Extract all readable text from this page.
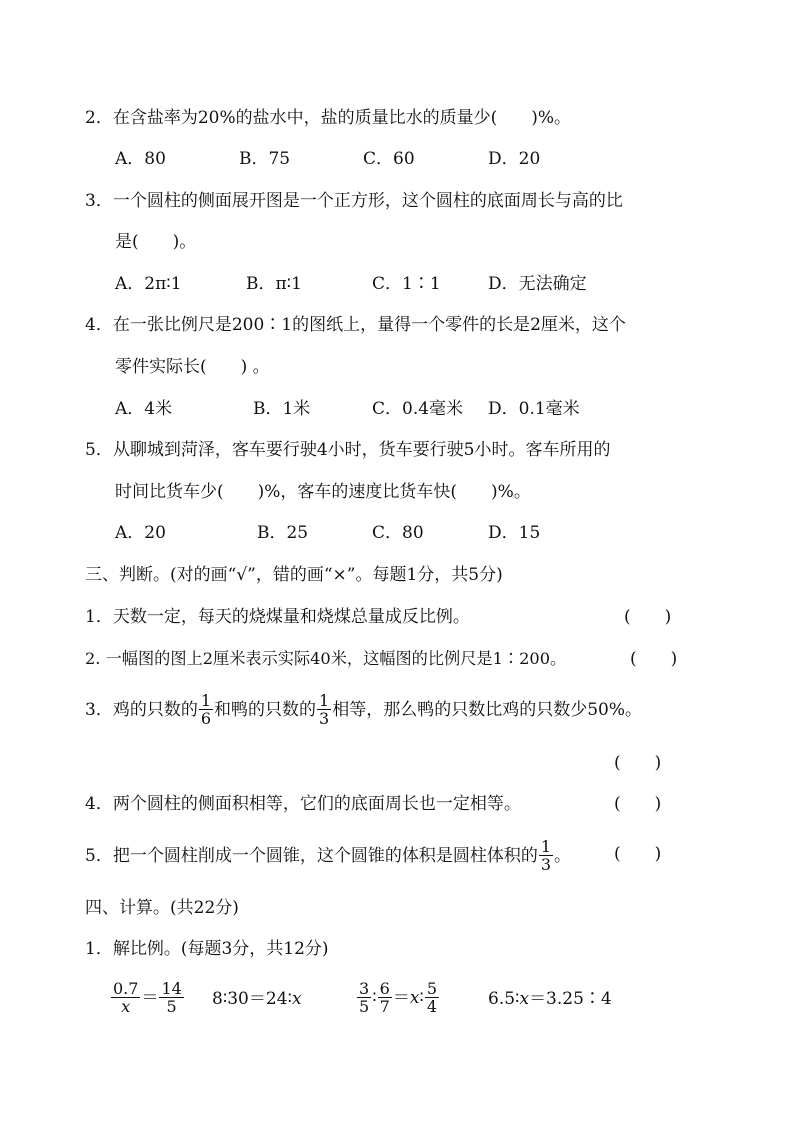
2．在含盐率为20%的盐水中，盐的质量比水的质量少(　　)%。
A．80	B．75	C．60	D．20
3．一个圆柱的侧面展开图是一个正方形，这个圆柱的底面周长与高的比
是(　　)。
A．2π∶1	B．π∶1	C．1∶1	D．无法确定
4．在一张比例尺是200∶1的图纸上，量得一个零件的长是2厘米，这个
零件实际长(　　) 。
A．4米	B．1米	C．0.4毫米 D．0.1毫米
5．从聊城到菏泽，客车要行驶4小时，货车要行驶5小时。客车所用的
时间比货车少(　　)%，客车的速度比货车快(　　)%。
A．20	B．25	C．80	D．15
三、判断。(对的画“√”，错的画“×”。每题1分，共5分)
1．天数一定，每天的烧煤量和烧煤总量成反比例。	(　　)
2. 一幅图的图上2厘米表示实际40米，这幅图的比例尺是1∶200。	(　　)
3．鸡的只数的 $\frac{1}{6}$ 和鸭的只数的 $\frac{1}{3}$ 相等，那么鸭的只数比鸡的只数少50%。
(　　)
4．两个圆柱的侧面积相等，它们的底面周长也一定相等。	(　　)
5．把一个圆柱削成一个圆锥，这个圆锥的体积是圆柱体积的 $\frac{1}{3}$ 。	(　　)
四、计算。(共22分)
1．解比例。(每题3分，共12分)
$\frac{0.7}{x} = \frac{14}{5}$ 8∶30＝24∶ x	$\frac{3}{5}$ ∶ $\frac{6}{7} = x$ ∶ $\frac{5}{4}$	6.5∶ x ＝3.25∶4
